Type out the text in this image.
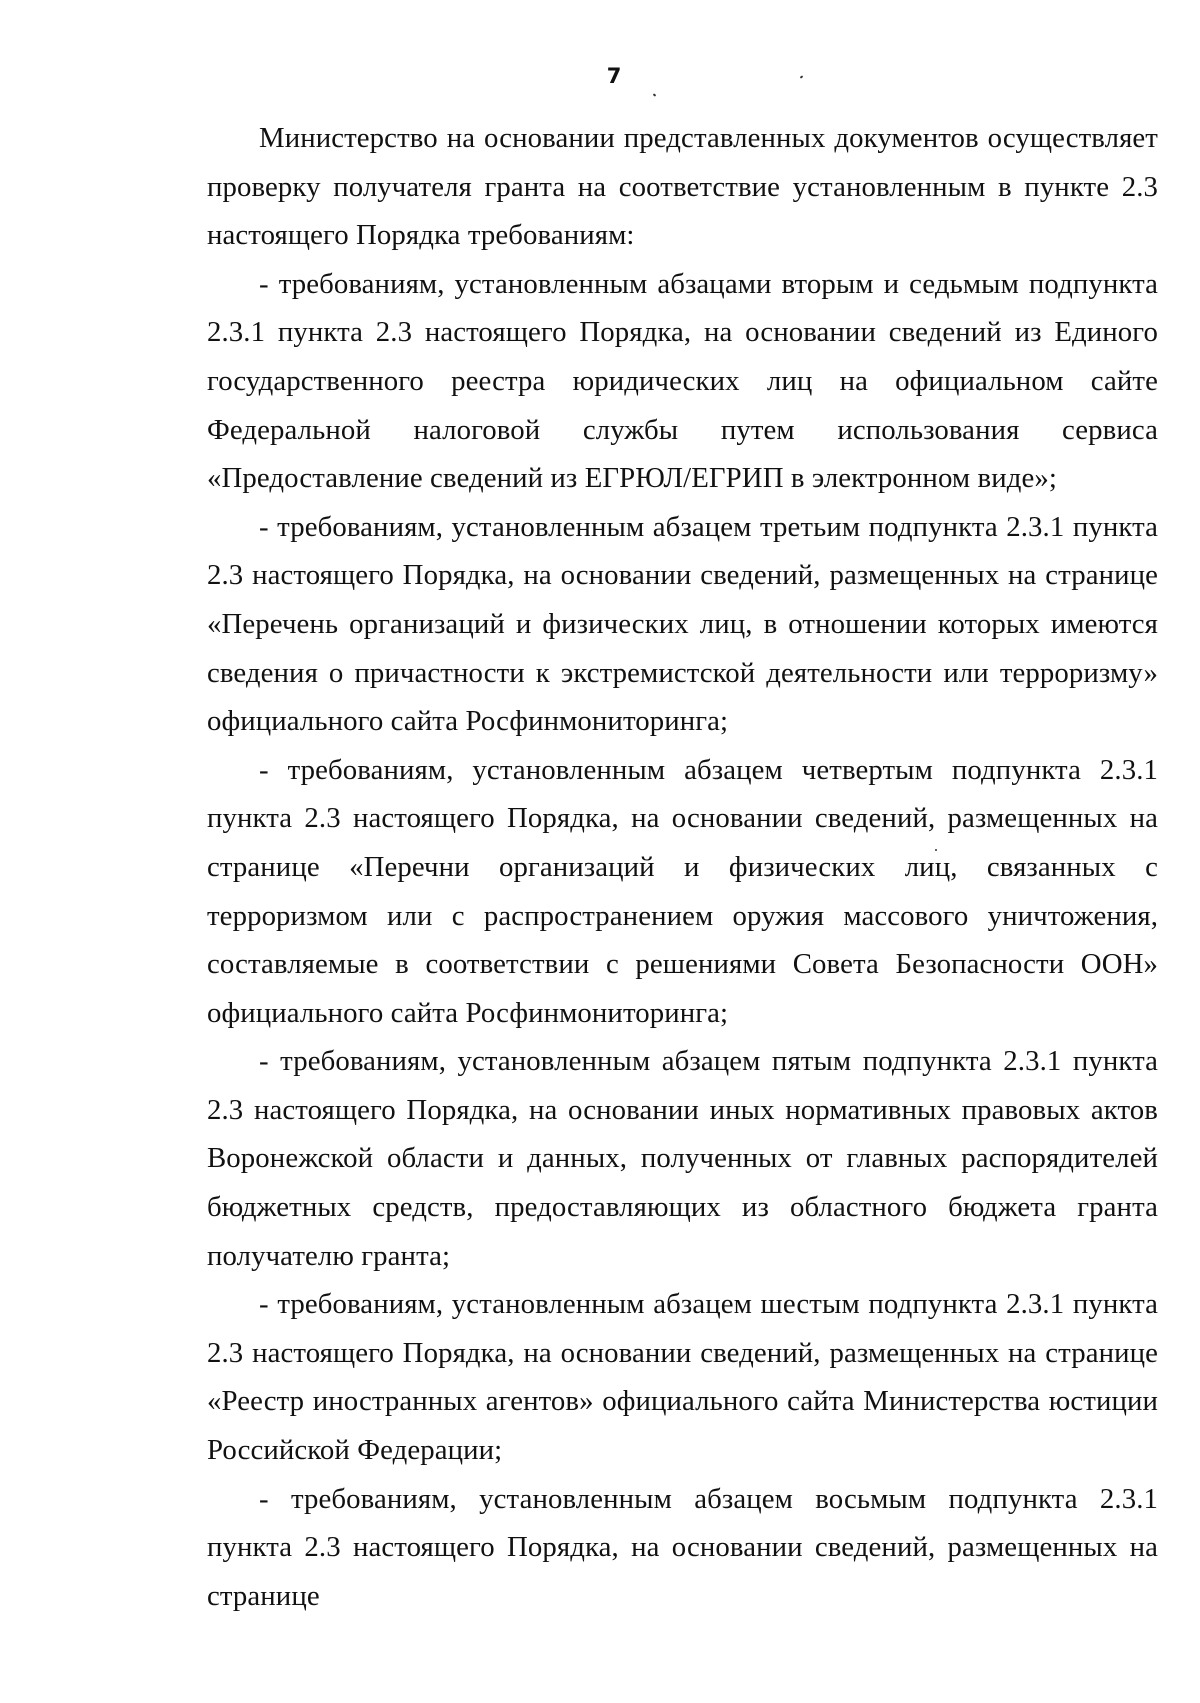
7

Министерство на основании представленных документов осуществляет проверку получателя гранта на соответствие установленным в пункте 2.3 настоящего Порядка требованиям:

- требованиям, установленным абзацами вторым и седьмым подпункта 2.3.1 пункта 2.3 настоящего Порядка, на основании сведений из Единого государственного реестра юридических лиц на официальном сайте Федеральной налоговой службы путем использования сервиса «Предоставление сведений из ЕГРЮЛ/ЕГРИП в электронном виде»;

- требованиям, установленным абзацем третьим подпункта 2.3.1 пункта 2.3 настоящего Порядка, на основании сведений, размещенных на странице «Перечень организаций и физических лиц, в отношении которых имеются сведения о причастности к экстремистской деятельности или терроризму» официального сайта Росфинмониторинга;

- требованиям, установленным абзацем четвертым подпункта 2.3.1 пункта 2.3 настоящего Порядка, на основании сведений, размещенных на странице «Перечни организаций и физических лиц, связанных с терроризмом или с распространением оружия массового уничтожения, составляемые в соответствии с решениями Совета Безопасности ООН» официального сайта Росфинмониторинга;

- требованиям, установленным абзацем пятым подпункта 2.3.1 пункта 2.3 настоящего Порядка, на основании иных нормативных правовых актов Воронежской области и данных, полученных от главных распорядителей бюджетных средств, предоставляющих из областного бюджета гранта получателю гранта;

- требованиям, установленным абзацем шестым подпункта 2.3.1 пункта 2.3 настоящего Порядка, на основании сведений, размещенных на странице «Реестр иностранных агентов» официального сайта Министерства юстиции Российской Федерации;

- требованиям, установленным абзацем восьмым подпункта 2.3.1 пункта 2.3 настоящего Порядка, на основании сведений, размещенных на странице
